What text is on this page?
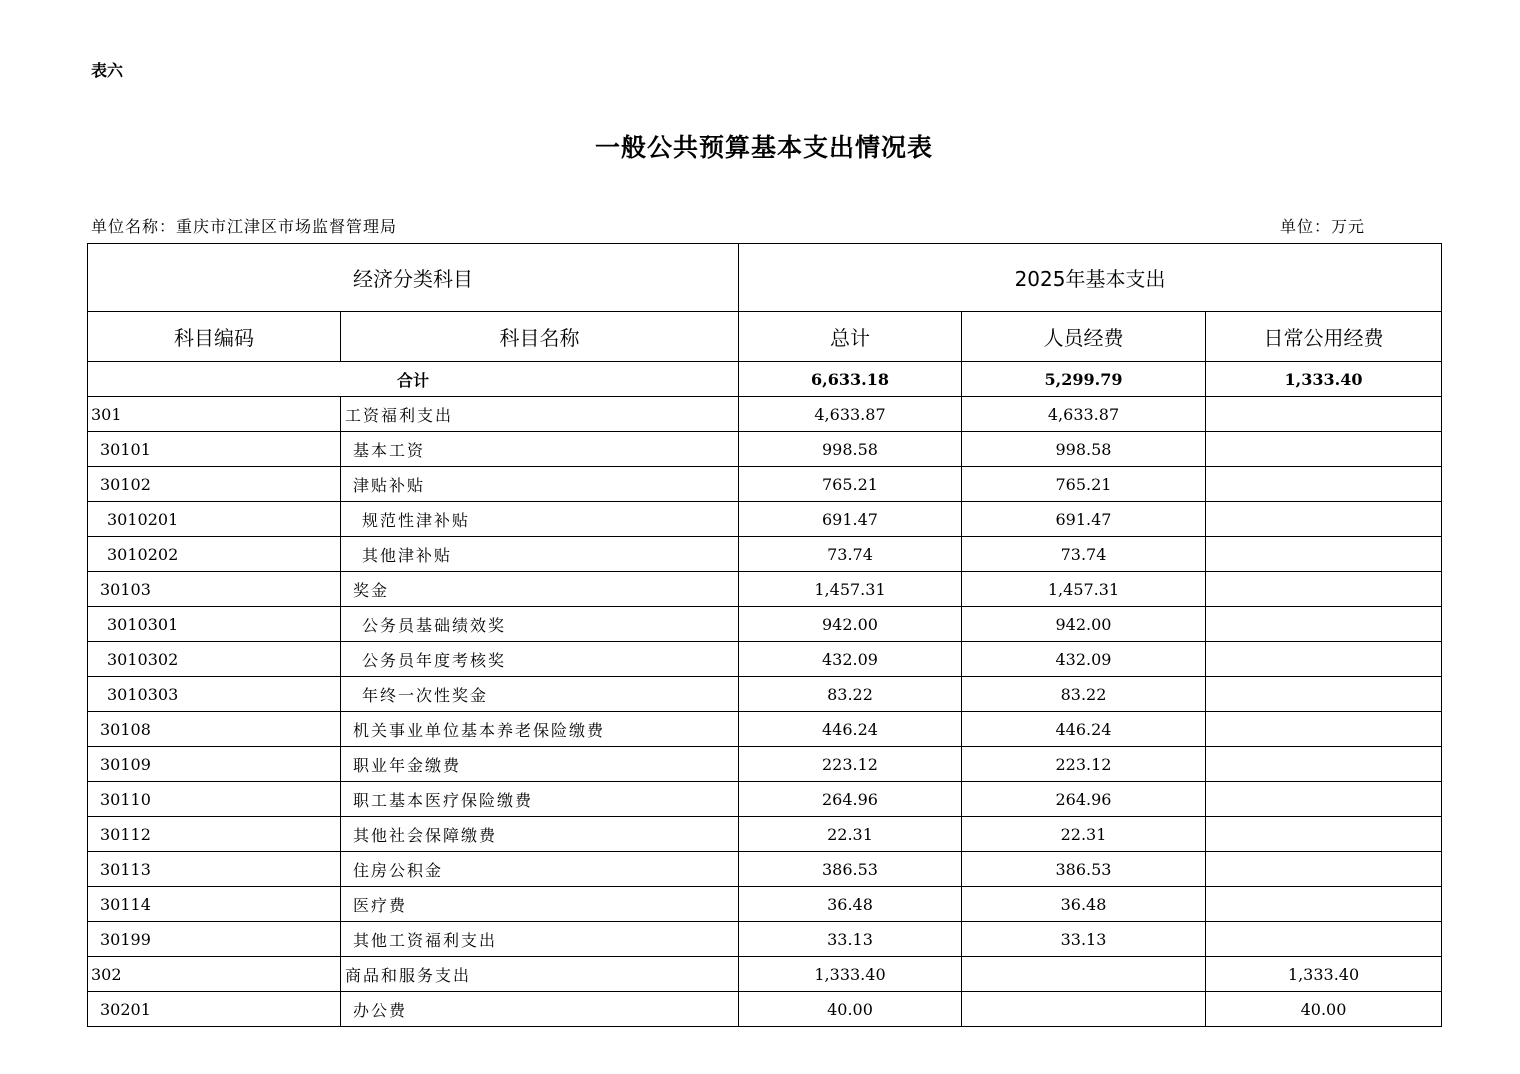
表六
一般公共预算基本支出情况表
单位名称：重庆市江津区市场监督管理局	单位：万元
经济分类科目		2025年基本支出		
科目编码	科目名称	总计	人员经费	日常公用经费
合计		6,633.18	5,299.79	1,333.40
301	工资福利支出	4,633.87	4,633.87	
30101	基本工资	998.58	998.58	
30102	津贴补贴	765.21	765.21	
3010201	规范性津补贴	691.47	691.47	
3010202	其他津补贴	73.74	73.74	
30103	奖金	1,457.31	1,457.31	
3010301	公务员基础绩效奖	942.00	942.00	
3010302	公务员年度考核奖	432.09	432.09	
3010303	年终一次性奖金	83.22	83.22	
30108	机关事业单位基本养老保险缴费	446.24	446.24	
30109	职业年金缴费	223.12	223.12	
30110	职工基本医疗保险缴费	264.96	264.96	
30112	其他社会保障缴费	22.31	22.31	
30113	住房公积金	386.53	386.53	
30114	医疗费	36.48	36.48	
30199	其他工资福利支出	33.13	33.13	
302	商品和服务支出	1,333.40		1,333.40
30201	办公费	40.00		40.00
